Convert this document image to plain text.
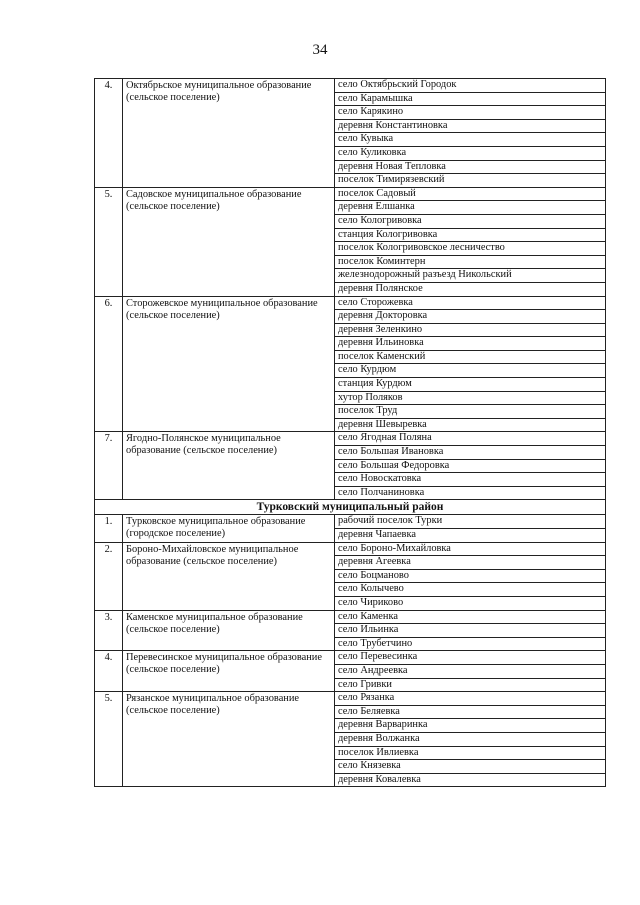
34
4.	Октябрьское муниципальное образование (сельское поселение)	село Октябрьский Городок
		село Карамышка
		село Карякино
		деревня Константиновка
		село Кувыка
		село Куликовка
		деревня Новая Тепловка
		поселок Тимирязевский
5.	Садовское муниципальное образование (сельское поселение)	поселок Садовый
		деревня Елшанка
		село Кологривовка
		станция Кологривовка
		поселок Кологривовское лесничество
		поселок Коминтерн
		железнодорожный разъезд Никольский
		деревня Полянское
6.	Сторожевское муниципальное образование (сельское поселение)	село Сторожевка
		деревня Докторовка
		деревня Зеленкино
		деревня Ильиновка
		поселок Каменский
		село Курдюм
		станция Курдюм
		хутор Поляков
		поселок Труд
		деревня Шевыревка
7.	Ягодно-Полянское муниципальное образование (сельское поселение)	село Ягодная Поляна
		село Большая Ивановка
		село Большая Федоровка
		село Новоскатовка
		село Полчаниновка
Турковский муниципальный район		
1.	Турковское муниципальное образование (городское поселение)	рабочий поселок Турки
		деревня Чапаевка
2.	Бороно-Михайловское муниципальное образование (сельское поселение)	село Бороно-Михайловка
		деревня Агеевка
		село Боцманово
		село Колычево
		село Чириково
3.	Каменское муниципальное образование (сельское поселение)	село Каменка
		село Ильинка
		село Трубетчино
4.	Перевесинское муниципальное образование (сельское поселение)	село Перевесинка
		село Андреевка
		село Гривки
5.	Рязанское муниципальное образование (сельское поселение)	село Рязанка
		село Беляевка
		деревня Варваринка
		деревня Волжанка
		поселок Ивлиевка
		село Князевка
		деревня Ковалевка
